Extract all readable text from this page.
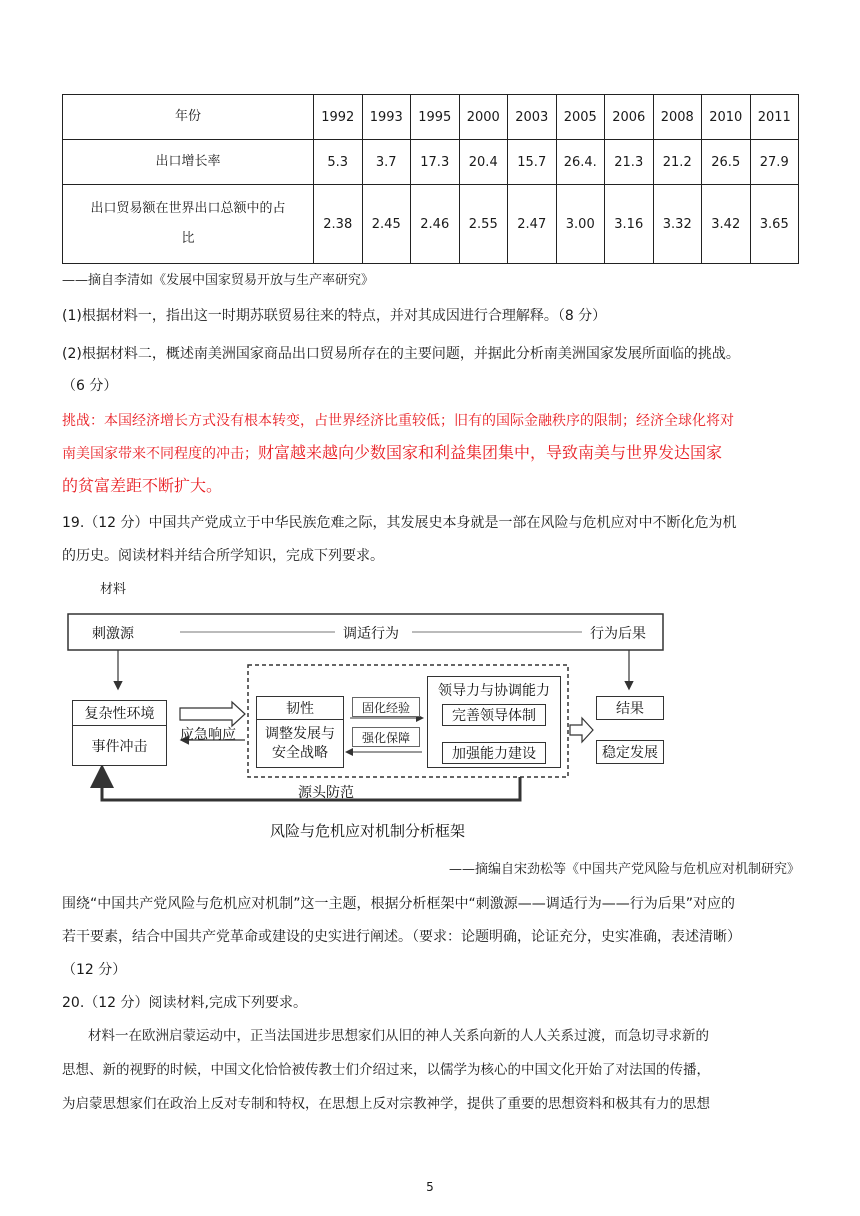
年份	1992	1993	1995	2000	2003	2005	2006	2008	2010	2011
出口增长率	5.3	3.7	17.3	20.4	15.7	26.4.	21.3	21.2	26.5	27.9

出口贸易额在世界出口总额中的占
比	2.38	2.45	2.46	2.55	2.47	3.00	3.16	3.32	3.42	3.65
——摘自李清如《发展中国家贸易开放与生产率研究》
(1)根据材料一，指出这一时期苏联贸易往来的特点，并对其成因进行合理解释。（8 分）
(2)根据材料二，概述南美洲国家商品出口贸易所存在的主要问题，并据此分析南美洲国家发展所面临的挑战。
（6 分）
挑战：本国经济增长方式没有根本转变，占世界经济比重较低；旧有的国际金融秩序的限制；经济全球化将对
南美国家带来不同程度的冲击；财富越来越向少数国家和利益集团集中，导致南美与世界发达国家
的贫富差距不断扩大。
19.（12 分）中国共产党成立于中华民族危难之际，其发展史本身就是一部在风险与危机应对中不断化危为机
的历史。阅读材料并结合所学知识，完成下列要求。
材料
刺激源	调适行为	行为后果
复杂性环境
事件冲击
应急响应
韧性
调整发展与
安全战略
固化经验
强化保障
领导力与协调能力
完善领导体制
加强能力建设
结果
稳定发展
源头防范
风险与危机应对机制分析框架
——摘编自宋劲松等《中国共产党风险与危机应对机制研究》
围绕“中国共产党风险与危机应对机制”这一主题，根据分析框架中“刺激源——调适行为——行为后果”对应的
若干要素，结合中国共产党革命或建设的史实进行阐述。（要求：论题明确，论证充分，史实准确，表述清晰）
（12 分）
20.（12 分）阅读材料,完成下列要求。
材料一在欧洲启蒙运动中，正当法国进步思想家们从旧的神人关系向新的人人关系过渡，而急切寻求新的
思想、新的视野的时候，中国文化恰恰被传教士们介绍过来，以儒学为核心的中国文化开始了对法国的传播，
为启蒙思想家们在政治上反对专制和特权，在思想上反对宗教神学，提供了重要的思想资料和极其有力的思想
5
